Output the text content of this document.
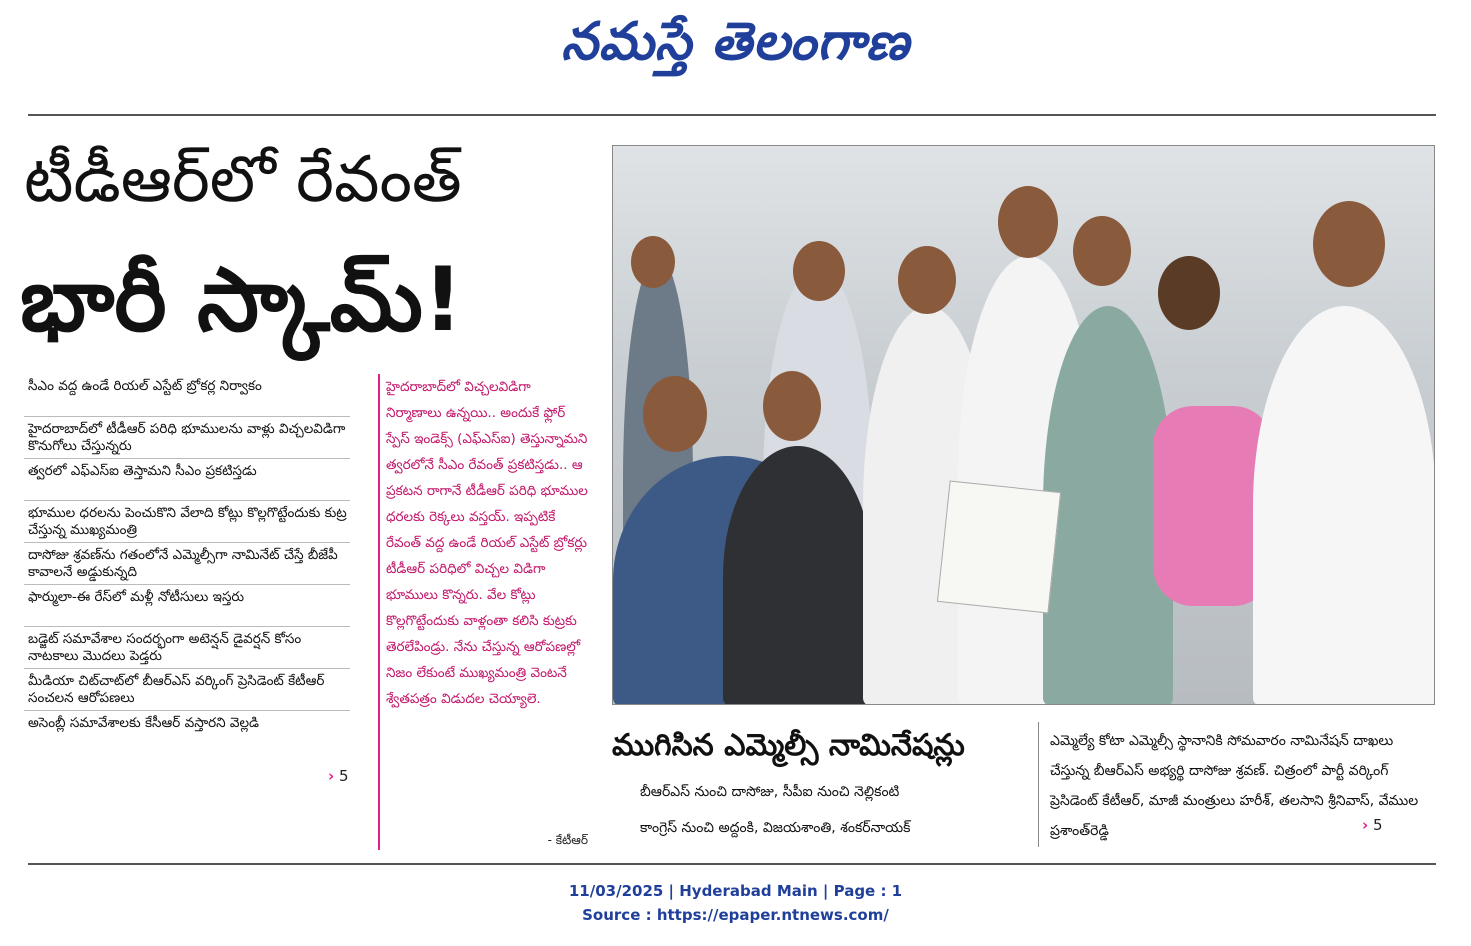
నమస్తే తెలంగాణ
టీడీఆర్‌లో రేవంత్
భారీ స్కామ్!
సీఎం వద్ద ఉండే రియల్ ఎస్టేట్ బ్రోకర్ల నిర్వాకం
హైదరాబాద్‌లో టీడీఆర్ పరిధి భూములను వాళ్లు విచ్చలవిడిగా కొనుగోలు చేస్తున్నరు
త్వరలో ఎఫ్‌ఎస్‌ఐ తెస్తామని సీఎం ప్రకటిస్తడు
భూముల ధరలను పెంచుకొని వేలాది కోట్లు కొల్లగొట్టేందుకు కుట్ర చేస్తున్న ముఖ్యమంత్రి
దాసోజు శ్రవణ్‌ను గతంలోనే ఎమ్మెల్సీగా నామినేట్ చేస్తే బీజేపీ కావాలనే అడ్డుకున్నది
ఫార్ములా-ఈ రేస్‌లో మళ్లీ నోటీసులు ఇస్తరు
బడ్జెట్ సమావేశాల సందర్భంగా అటెన్షన్ డైవర్షన్ కోసం నాటకాలు మొదలు పెడ్తరు
మీడియా చిట్‌చాట్‌లో బీఆర్‌ఎస్ వర్కింగ్ ప్రెసిడెంట్ కేటీఆర్ సంచలన ఆరోపణలు
అసెంబ్లీ సమావేశాలకు కేసీఆర్ వస్తారని వెల్లడి
› 5
హైదరాబాద్‌లో విచ్చలవిడిగా నిర్మాణాలు ఉన్నయి.. అందుకే ఫ్లోర్ స్పేస్ ఇండెక్స్ (ఎఫ్‌ఎస్‌ఐ) తెస్తున్నామని త్వరలోనే సీఎం రేవంత్ ప్రకటిస్తడు.. ఆ ప్రకటన రాగానే టీడీఆర్ పరిధి భూముల ధరలకు రెక్కలు వస్తయ్. ఇప్పటికే రేవంత్ వద్ద ఉండే రియల్ ఎస్టేట్ బ్రోకర్లు టీడీఆర్ పరిధిలో విచ్చల విడిగా భూములు కొన్నరు. వేల కోట్లు కొల్లగొట్టేందుకు వాళ్లంతా కలిసి కుట్రకు తెరలేపిండ్రు. నేను చేస్తున్న ఆరోపణల్లో నిజం లేకుంటే ముఖ్యమంత్రి వెంటనే శ్వేతపత్రం విడుదల చెయ్యాలె.
- కేటీఆర్
ముగిసిన ఎమ్మెల్సీ నామినేషన్లు
బీఆర్‌ఎస్ నుంచి దాసోజు, సీపీఐ నుంచి నెల్లికంటి
కాంగ్రెస్ నుంచి అద్దంకి, విజయశాంతి, శంకర్‌నాయక్
ఎమ్మెల్యే కోటా ఎమ్మెల్సీ స్థానానికి సోమవారం నామినేషన్ దాఖలు చేస్తున్న బీఆర్‌ఎస్ అభ్యర్థి దాసోజు శ్రవణ్. చిత్రంలో పార్టీ వర్కింగ్ ప్రెసిడెంట్ కేటీఆర్, మాజీ మంత్రులు హరీశ్, తలసాని శ్రీనివాస్, వేముల ప్రశాంత్‌రెడ్డి	› 5
11/03/2025 | Hyderabad Main | Page : 1
Source : https://epaper.ntnews.com/
